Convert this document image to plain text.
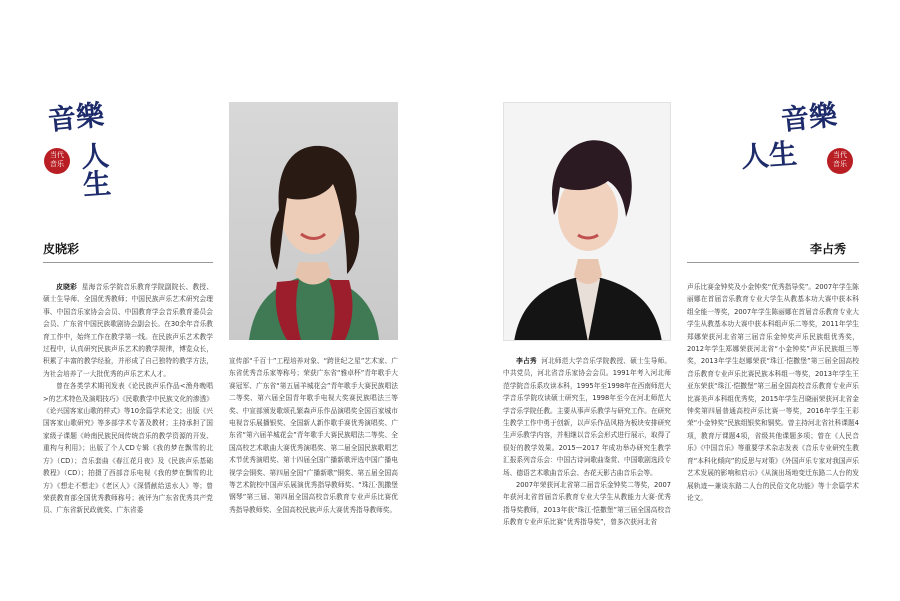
音樂
人生
当代
音乐
皮晓彩

皮晓彩 星海音乐学院音乐教育学院副院长、教授、硕士生导师、全国优秀教师；中国民族声乐艺术研究会理事、中国音乐家协会会员、中国教育学会音乐教育委员会会员、广东省中国民族歌剧协会副会长。在30余年音乐教育工作中，始终工作在教学第一线。在民族声乐艺术教学过程中，认真研究民族声乐艺术的教学规律，博览众长，积累了丰富的教学经验，并形成了自己独特的教学方法，为社会培养了一大批优秀的声乐艺术人才。
曾在各类学术期刊发表《论民族声乐作品<渔舟晚唱>的艺术特色及演唱技巧》《民歌教学中民族文化的渗透》《论兴国客家山歌的样式》等10余篇学术论文；出版《兴国客家山歌研究》等多部学术专著及教材；主持承担了国家级子课题《岭南民族民间传统音乐的教学资源的开发、重构与利用》；出版了个人CD专辑《我的梦在飘雪的北方》（CD）；音乐套曲《春江花月夜》及《民族声乐基础教程》（CD）；拍摄了西部音乐电视《我的梦在飘雪的北方》《想走不想走》《老区人》《深情献给送水人》等；曾荣获教育部全国优秀教师称号；被评为广东省优秀共产党员、广东省新民政就奖、广东省委

宣传部“千百十”工程培养对象、“跨世纪之星”艺术家、广东省优秀音乐家等称号；荣获广东省“雅卓杯”青年歌手大赛冠军、广东省“第五届羊城花会”青年歌手大赛民族唱法二等奖、第六届全国青年歌手电视大奖赛民族唱法三等奖、中宣部颁发歌颂孔繁森声乐作品演唱奖全国百家城市电视音乐展播银奖、全国新人新作歌手赛优秀演唱奖、广东省“第六届羊城花会”青年歌手大赛民族唱法二等奖、全国高校艺术歌曲大赛优秀演唱奖、第二届全国民族歌唱艺术节优秀演唱奖、第十四届全国广播新歌评选中国广播电视学会铜奖、第四届全国“广播新歌”铜奖、第五届全国高等艺术院校中国声乐展演优秀指导教师奖、“珠江·凯撒堡钢琴”第三届、第四届全国高校音乐教育专业声乐比赛优秀指导教师奖、全国高校民族声乐大赛优秀指导教师奖。

音樂
人生	当代
音乐
李占秀

李占秀 河北师范大学音乐学院教授、硕士生导师。中共党员，河北省音乐家协会会员。1991年考入河北师范学院音乐系攻读本科，1995年至1998年在西南师范大学音乐学院攻读硕士研究生，1998年至今在河北师范大学音乐学院任教。主要从事声乐教学与研究工作。在研究生教学工作中勇于创新，以声乐作品风格为板块安排研究生声乐教学内容，并相继以音乐会形式进行展示，取得了很好的教学效果。2015—2017 年成功举办研究生教学汇报系列音乐会：中国古诗词歌曲鉴赏、中国歌剧选段专场、德语艺术歌曲音乐会、杏花天影古曲音乐会等。
2007年荣获河北省第二届音乐金钟奖二等奖，2007年获河北省首届音乐教育专业大学生从教能力大赛·优秀指导奖教师，2013年获“珠江·恺撒堡”第三届全国高校音乐教育专业声乐比赛“优秀指导奖”，曾多次获河北省

声乐比赛金钟奖及小金钟奖“优秀指导奖”。2007年学生陈丽娜在首届音乐教育专业大学生从教基本功大赛中获本科组全能一等奖，2007年学生陈丽娜在首届音乐教育专业大学生从教基本功大赛中获本科组声乐二等奖，2011年学生郑娜荣获河北省第三届音乐金钟奖声乐民族组优秀奖，2012年学生郑娜荣获河北省“小金钟奖”声乐民族组三等奖，2013年学生赵娜荣获“珠江·恺撒堡”第三届全国高校音乐教育专业声乐比赛民族本科组一等奖，2013年学生王亚东荣获“珠江·恺撒堡”第三届全国高校音乐教育专业声乐比赛美声本科组优秀奖，2015年学生吕晓丽荣获河北省金钟奖第四届普通高校声乐比赛一等奖，2016年学生王彩荣“小金钟奖”民族组银奖和铜奖。曾主持河北省社科课题4项，教育厅课题4项，省级其他课题多项；曾在《人民音乐》《中国音乐》等重要学术杂志发表《音乐专业研究生教育“本科化倾向”的反思与对策》《外国声乐专家对我国声乐艺术发展的影响和启示》《从演出场地变迁东路二人台的发展轨迹—兼谈东路二人台的民俗文化功能》等十余篇学术论文。
